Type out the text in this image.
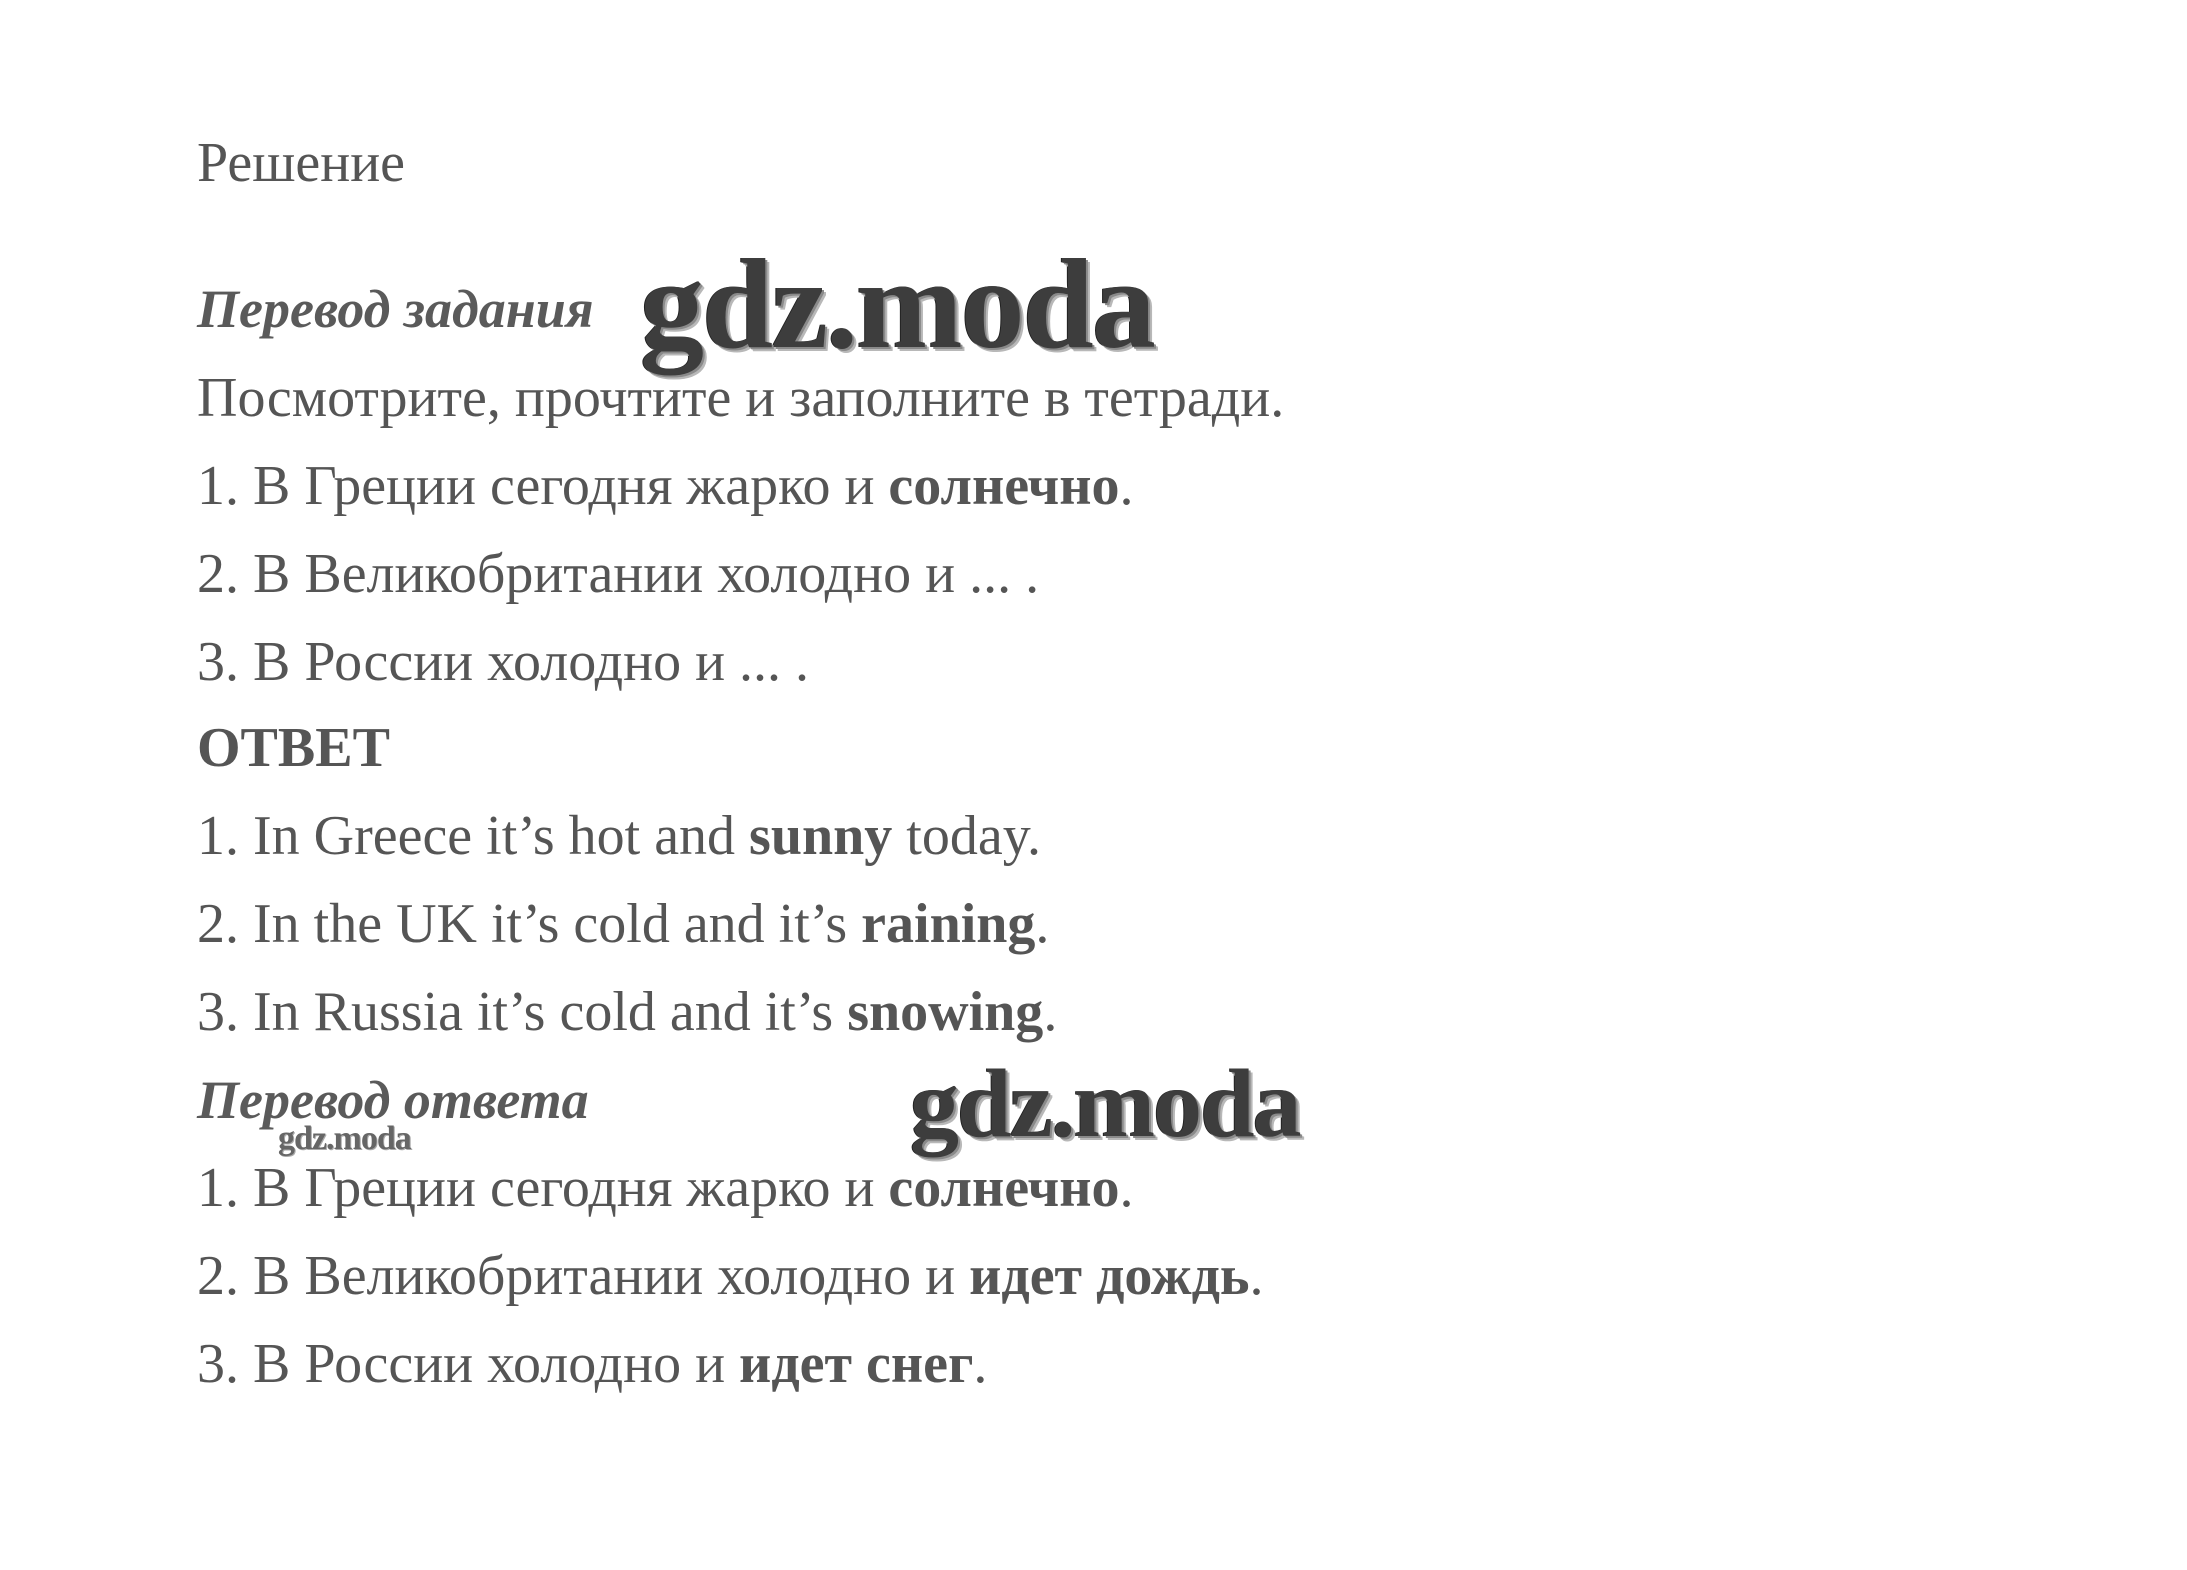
Решение
Перевод задания
Посмотрите, прочтите и заполните в тетради.
1. В Греции сегодня жарко и солнечно.
2. В Великобритании холодно и ... .
3. В России холодно и ... .
ОТВЕТ
1. In Greece it’s hot and sunny today.
2. In the UK it’s cold and it’s raining.
3. In Russia it’s cold and it’s snowing.
Перевод ответа
1. В Греции сегодня жарко и солнечно.
2. В Великобритании холодно и идет дождь.
3. В России холодно и идет снег.
gdz.moda
gdz.moda
gdz.moda
